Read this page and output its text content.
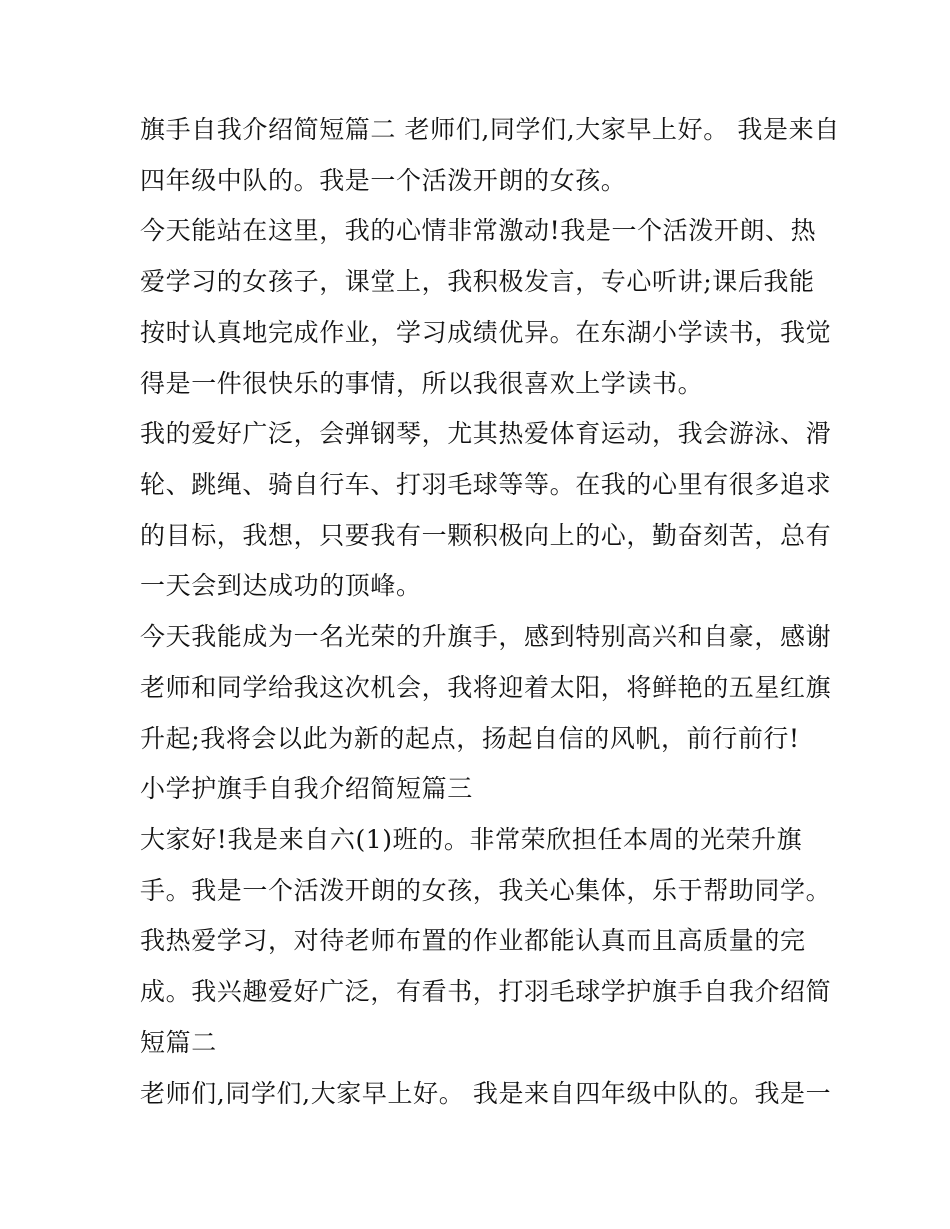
旗手自我介绍简短篇二 老师们,同学们,大家早上好。 我是来自

四年级中队的。我是一个活泼开朗的女孩。

今天能站在这里，我的心情非常激动!我是一个活泼开朗、热

爱学习的女孩子，课堂上，我积极发言，专心听讲;课后我能

按时认真地完成作业，学习成绩优异。在东湖小学读书，我觉

得是一件很快乐的事情，所以我很喜欢上学读书。

我的爱好广泛，会弹钢琴，尤其热爱体育运动，我会游泳、滑

轮、跳绳、骑自行车、打羽毛球等等。在我的心里有很多追求

的目标，我想，只要我有一颗积极向上的心，勤奋刻苦，总有

一天会到达成功的顶峰。

今天我能成为一名光荣的升旗手，感到特别高兴和自豪，感谢

老师和同学给我这次机会，我将迎着太阳，将鲜艳的五星红旗

升起;我将会以此为新的起点，扬起自信的风帆，前行前行!

小学护旗手自我介绍简短篇三

大家好!我是来自六(1)班的。非常荣欣担任本周的光荣升旗

手。我是一个活泼开朗的女孩，我关心集体，乐于帮助同学。

我热爱学习，对待老师布置的作业都能认真而且高质量的完

成。我兴趣爱好广泛，有看书，打羽毛球学护旗手自我介绍简

短篇二

老师们,同学们,大家早上好。 我是来自四年级中队的。我是一
